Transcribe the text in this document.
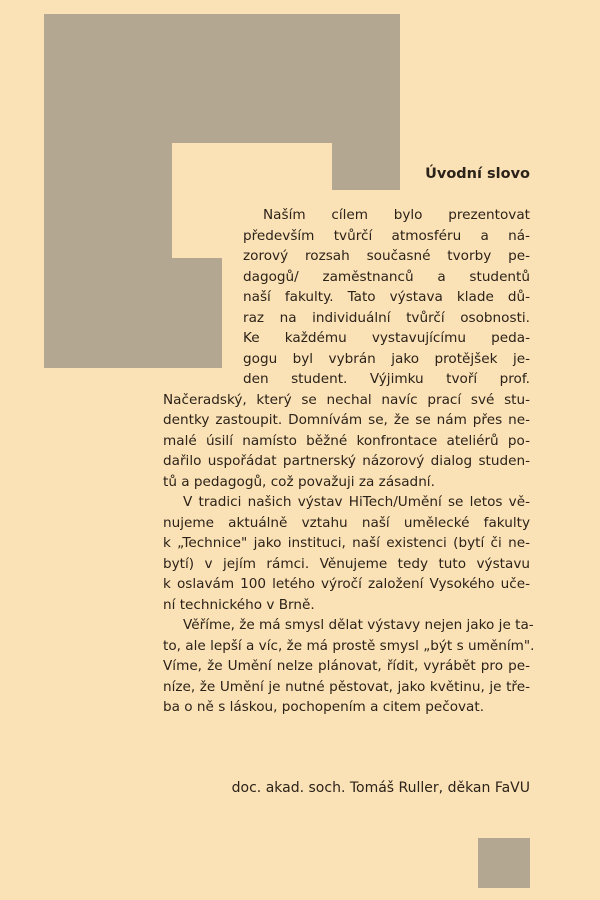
Úvodní slovo
Naším cílem bylo prezentovat
především tvůrčí atmosféru a ná-
zorový rozsah současné tvorby pe-
dagogů/ zaměstnanců a studentů
naší fakulty. Tato výstava klade dů-
raz na individuální tvůrčí osobnosti.
Ke každému vystavujícímu peda-
gogu byl vybrán jako protějšek je-
den student. Výjimku tvoří prof.
Načeradský, který se nechal navíc prací své stu-
dentky zastoupit. Domnívám se, že se nám přes ne-
malé úsilí namísto běžné konfrontace ateliérů po-
dařilo uspořádat partnerský názorový dialog studen-
tů a pedagogů, což považuji za zásadní.
V tradici našich výstav HiTech/Umění se letos vě-
nujeme aktuálně vztahu naší umělecké fakulty
k „Technice" jako instituci, naší existenci (bytí či ne-
bytí) v jejím rámci. Věnujeme tedy tuto výstavu
k oslavám 100 letého výročí založení Vysokého uče-
ní technického v Brně.
Věříme, že má smysl dělat výstavy nejen jako je ta-
to, ale lepší a víc, že má prostě smysl „být s uměním".
Víme, že Umění nelze plánovat, řídit, vyrábět pro pe-
níze, že Umění je nutné pěstovat, jako květinu, je tře-
ba o ně s láskou, pochopením a citem pečovat.
doc. akad. soch. Tomáš Ruller, děkan FaVU
